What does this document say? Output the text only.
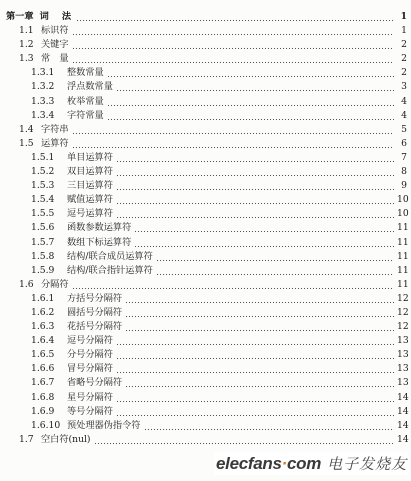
第一章 词　法	1
1.1 标识符	1
1.2 关键字	2
1.3 常　量	2
1.3.1	整数常量	2
1.3.2	浮点数常量	3
1.3.3	枚举常量	4
1.3.4	字符常量	4
1.4 字符串	5
1.5 运算符	6
1.5.1	单目运算符	7
1.5.2	双目运算符	8
1.5.3	三目运算符	9
1.5.4	赋值运算符	10
1.5.5	逗号运算符	10
1.5.6	函数参数运算符	11
1.5.7	数组下标运算符	11
1.5.8	结构/联合成员运算符	11
1.5.9	结构/联合指针运算符	11
1.6 分隔符	11
1.6.1	方括号分隔符	12
1.6.2	圆括号分隔符	12
1.6.3	花括号分隔符	12
1.6.4	逗号分隔符	13
1.6.5	分号分隔符	13
1.6.6	冒号分隔符	13
1.6.7	省略号分隔符	13
1.6.8	星号分隔符	14
1.6.9	等号分隔符	14
1.6.10 预处理器伪指令符	14
1.7 空白符(nul)	14
elecfans·com 电子发烧友
